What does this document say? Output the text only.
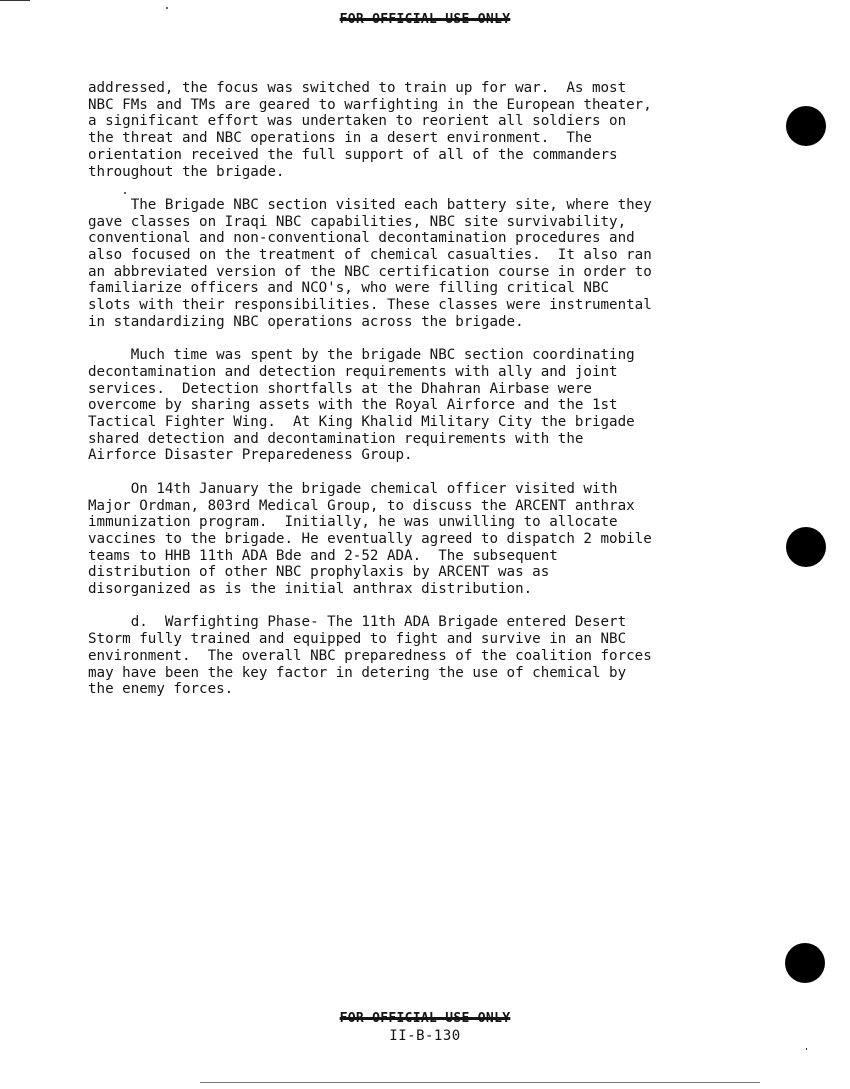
FOR OFFICIAL USE ONLY

addressed, the focus was switched to train up for war.  As most
NBC FMs and TMs are geared to warfighting in the European theater,
a significant effort was undertaken to reorient all soldiers on
the threat and NBC operations in a desert environment.  The
orientation received the full support of all of the commanders
throughout the brigade.

The Brigade NBC section visited each battery site, where they
gave classes on Iraqi NBC capabilities, NBC site survivability,
conventional and non-conventional decontamination procedures and
also focused on the treatment of chemical casualties.  It also ran
an abbreviated version of the NBC certification course in order to
familiarize officers and NCO's, who were filling critical NBC
slots with their responsibilities. These classes were instrumental
in standardizing NBC operations across the brigade.

Much time was spent by the brigade NBC section coordinating
decontamination and detection requirements with ally and joint
services.  Detection shortfalls at the Dhahran Airbase were
overcome by sharing assets with the Royal Airforce and the 1st
Tactical Fighter Wing.  At King Khalid Military City the brigade
shared detection and decontamination requirements with the
Airforce Disaster Preparedeness Group.

On 14th January the brigade chemical officer visited with
Major Ordman, 803rd Medical Group, to discuss the ARCENT anthrax
immunization program.  Initially, he was unwilling to allocate
vaccines to the brigade. He eventually agreed to dispatch 2 mobile
teams to HHB 11th ADA Bde and 2-52 ADA.  The subsequent
distribution of other NBC prophylaxis by ARCENT was as
disorganized as is the initial anthrax distribution.

d.  Warfighting Phase- The 11th ADA Brigade entered Desert
Storm fully trained and equipped to fight and survive in an NBC
environment.  The overall NBC preparedness of the coalition forces
may have been the key factor in detering the use of chemical by
the enemy forces.

FOR OFFICIAL USE ONLY
II-B-130
